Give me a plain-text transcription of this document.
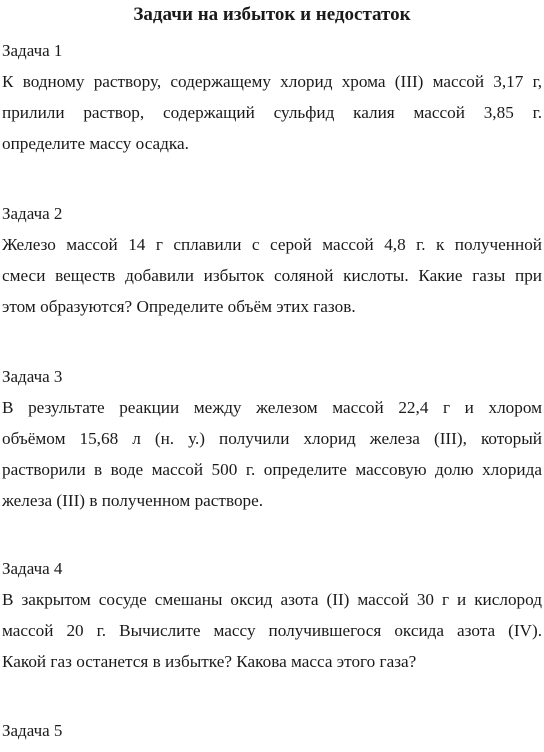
Задачи на избыток и недостаток
Задача 1
К водному раствору, содержащему хлорид хрома (III) массой 3,17 г,
прилили раствор, содержащий сульфид калия массой 3,85 г.
определите массу осадка.
Задача 2
Железо массой 14 г сплавили с серой массой 4,8 г. к полученной
смеси веществ добавили избыток соляной кислоты. Какие газы при
этом образуются? Определите объём этих газов.
Задача 3
В результате реакции между железом массой 22,4 г и хлором
объёмом 15,68 л (н. у.) получили хлорид железа (III), который
растворили в воде массой 500 г. определите массовую долю хлорида
железа (III) в полученном растворе.
Задача 4
В закрытом сосуде смешаны оксид азота (II) массой 30 г и кислород
массой 20 г. Вычислите массу получившегося оксида азота (IV).
Какой газ останется в избытке? Какова масса этого газа?
Задача 5
